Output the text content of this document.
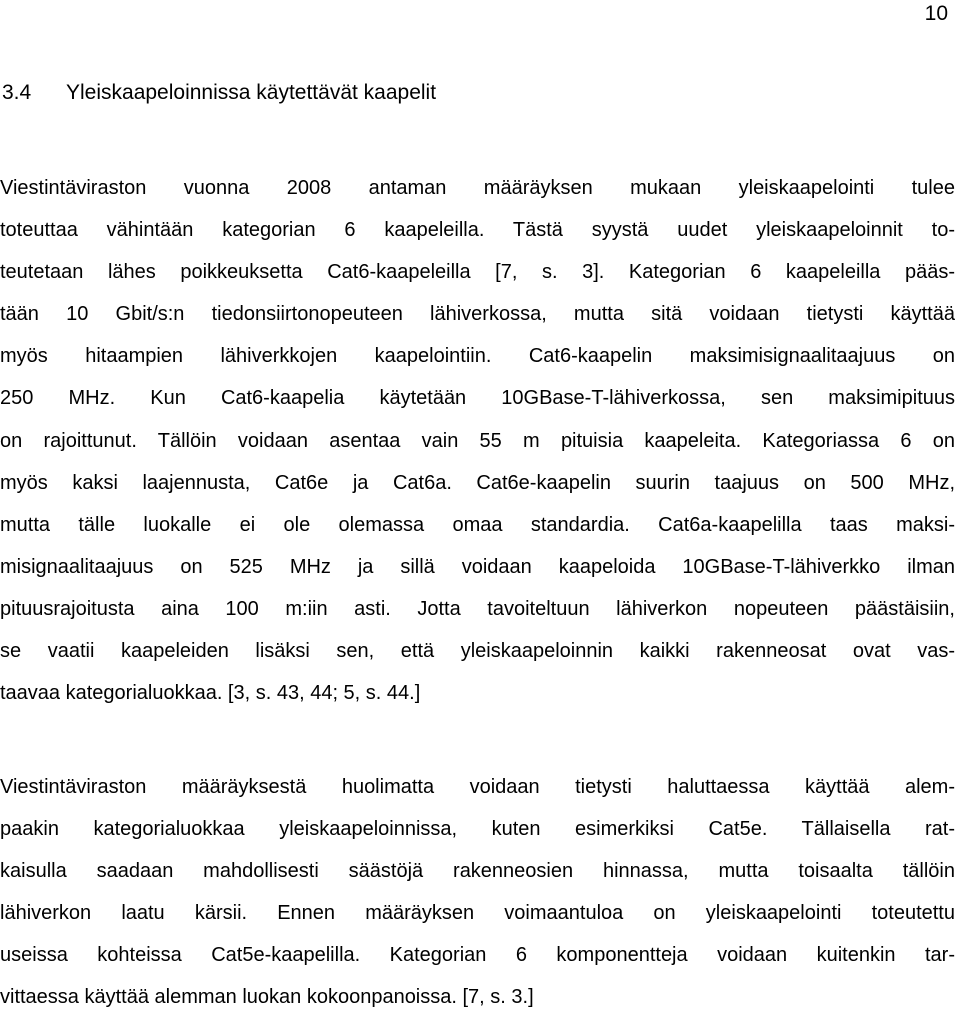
10
3.4 Yleiskaapeloinnissa käytettävät kaapelit
Viestintäviraston vuonna 2008 antaman määräyksen mukaan yleiskaapelointi tulee
toteuttaa vähintään kategorian 6 kaapeleilla. Tästä syystä uudet yleiskaapeloinnit to-
teutetaan lähes poikkeuksetta Cat6-kaapeleilla [7, s. 3]. Kategorian 6 kaapeleilla pääs-
tään 10 Gbit/s:n tiedonsiirtonopeuteen lähiverkossa, mutta sitä voidaan tietysti käyttää
myös hitaampien lähiverkkojen kaapelointiin. Cat6-kaapelin maksimisignaalitaajuus on
250 MHz. Kun Cat6-kaapelia käytetään 10GBase-T-lähiverkossa, sen maksimipituus
on rajoittunut. Tällöin voidaan asentaa vain 55 m pituisia kaapeleita. Kategoriassa 6 on
myös kaksi laajennusta, Cat6e ja Cat6a. Cat6e-kaapelin suurin taajuus on 500 MHz,
mutta tälle luokalle ei ole olemassa omaa standardia. Cat6a-kaapelilla taas maksi-
misignaalitaajuus on 525 MHz ja sillä voidaan kaapeloida 10GBase-T-lähiverkko ilman
pituusrajoitusta aina 100 m:iin asti. Jotta tavoiteltuun lähiverkon nopeuteen päästäisiin,
se vaatii kaapeleiden lisäksi sen, että yleiskaapeloinnin kaikki rakenneosat ovat vas-
taavaa kategorialuokkaa. [3, s. 43, 44; 5, s. 44.]
Viestintäviraston määräyksestä huolimatta voidaan tietysti haluttaessa käyttää alem-
paakin kategorialuokkaa yleiskaapeloinnissa, kuten esimerkiksi Cat5e. Tällaisella rat-
kaisulla saadaan mahdollisesti säästöjä rakenneosien hinnassa, mutta toisaalta tällöin
lähiverkon laatu kärsii. Ennen määräyksen voimaantuloa on yleiskaapelointi toteutettu
useissa kohteissa Cat5e-kaapelilla. Kategorian 6 komponentteja voidaan kuitenkin tar-
vittaessa käyttää alemman luokan kokoonpanoissa. [7, s. 3.]
